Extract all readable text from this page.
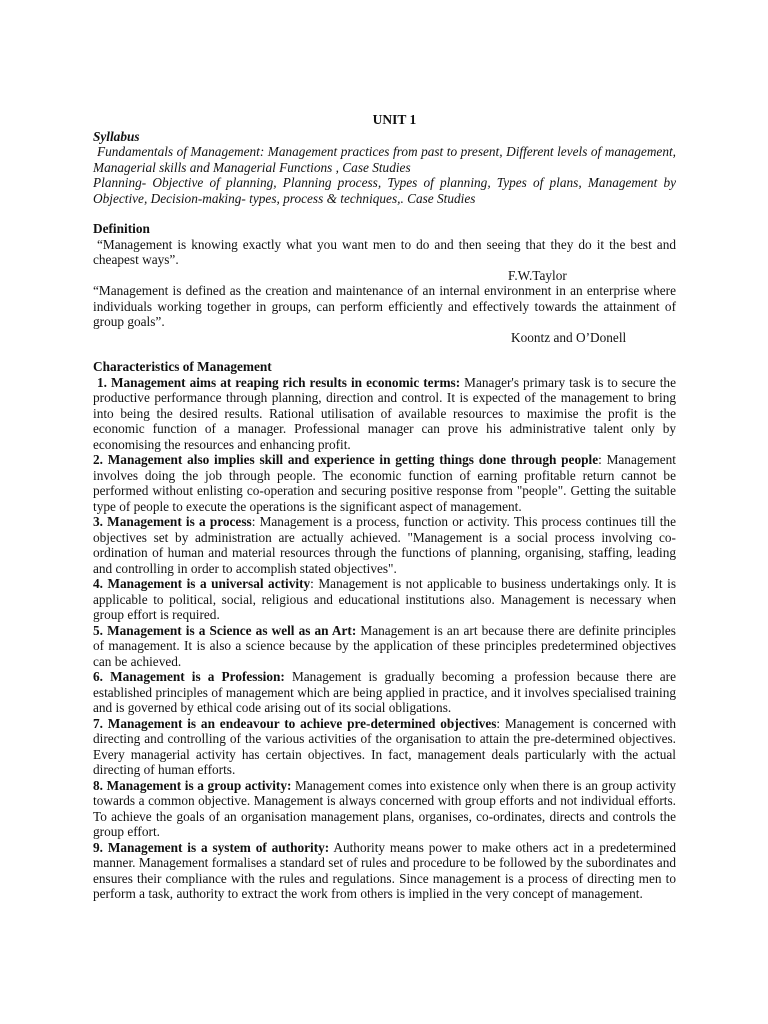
UNIT 1
Syllabus

Fundamentals of Management: Management practices from past to present, Different levels of management, Managerial skills and Managerial Functions , Case Studies

Planning- Objective of planning, Planning process, Types of planning, Types of plans, Management by Objective, Decision-making- types, process & techniques,. Case Studies

Definition

“Management is knowing exactly what you want men to do and then seeing that they do it the best and cheapest ways”.

F.W.Taylor

“Management is defined as the creation and maintenance of an internal environment in an enterprise where individuals working together in groups, can perform efficiently and effectively towards the attainment of group goals”.

Koontz and O’Donell
Characteristics of Management

1. Management aims at reaping rich results in economic terms: Manager's primary task is to secure the productive performance through planning, direction and control. It is expected of the management to bring into being the desired results. Rational utilisation of available resources to maximise the profit is the economic function of a manager. Professional manager can prove his administrative talent only by economising the resources and enhancing profit.

2. Management also implies skill and experience in getting things done through people: Management involves doing the job through people. The economic function of earning profitable return cannot be performed without enlisting co-operation and securing positive response from "people". Getting the suitable type of people to execute the operations is the significant aspect of management.

3. Management is a process: Management is a process, function or activity. This process continues till the objectives set by administration are actually achieved. "Management is a social process involving co-ordination of human and material resources through the functions of planning, organising, staffing, leading and controlling in order to accomplish stated objectives".

4. Management is a universal activity: Management is not applicable to business undertakings only. It is applicable to political, social, religious and educational institutions also. Management is necessary when group effort is required.

5. Management is a Science as well as an Art: Management is an art because there are definite principles of management. It is also a science because by the application of these principles predetermined objectives can be achieved.

6. Management is a Profession: Management is gradually becoming a profession because there are established principles of management which are being applied in practice, and it involves specialised training and is governed by ethical code arising out of its social obligations.

7. Management is an endeavour to achieve pre-determined objectives: Management is concerned with directing and controlling of the various activities of the organisation to attain the pre-determined objectives. Every managerial activity has certain objectives. In fact, management deals particularly with the actual directing of human efforts.

8. Management is a group activity: Management comes into existence only when there is an group activity towards a common objective. Management is always concerned with group efforts and not individual efforts. To achieve the goals of an organisation management plans, organises, co-ordinates, directs and controls the group effort.

9. Management is a system of authority: Authority means power to make others act in a predetermined manner. Management formalises a standard set of rules and procedure to be followed by the subordinates and ensures their compliance with the rules and regulations. Since management is a process of directing men to perform a task, authority to extract the work from others is implied in the very concept of management.
